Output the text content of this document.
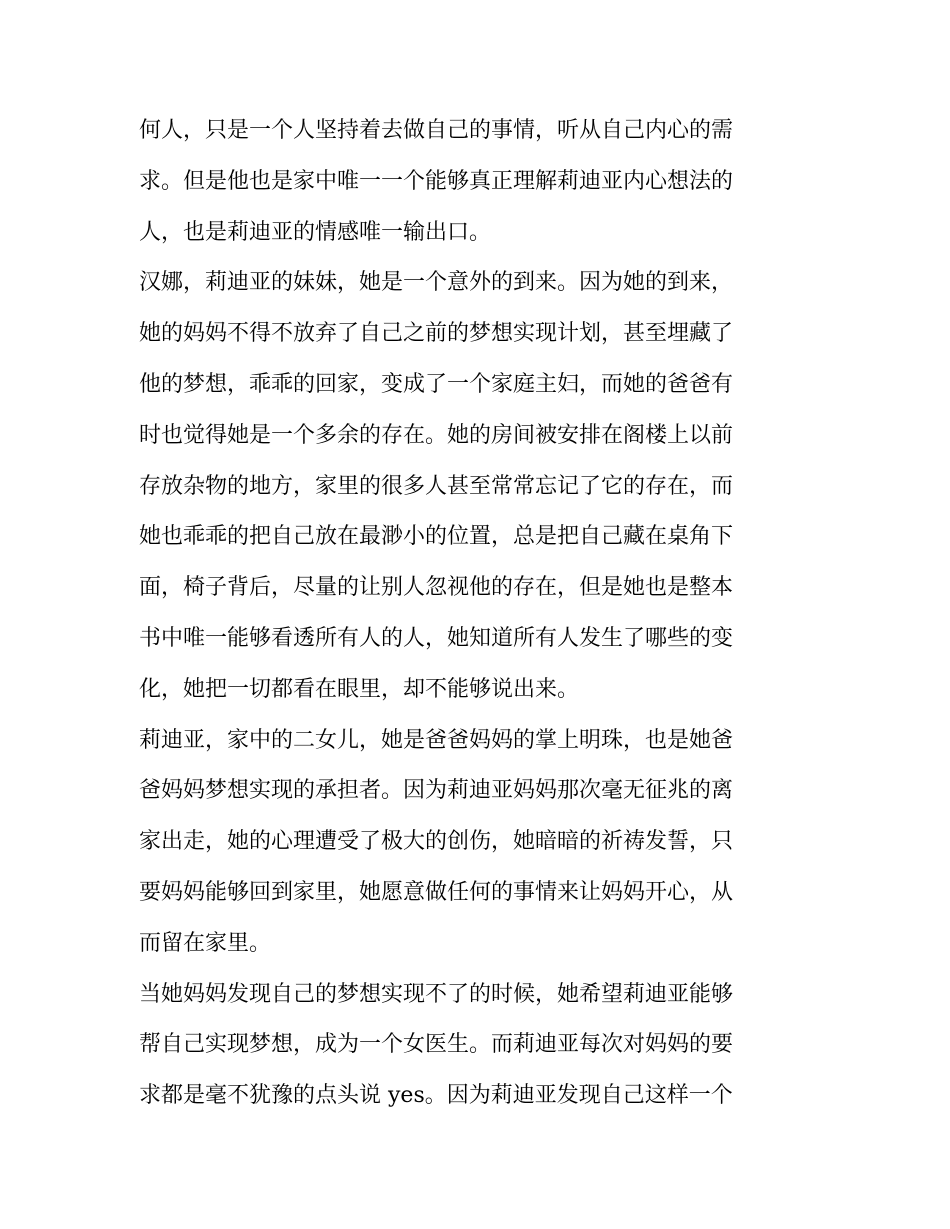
何人，只是一个人坚持着去做自己的事情，听从自己内心的需
求。但是他也是家中唯一一个能够真正理解莉迪亚内心想法的
人，也是莉迪亚的情感唯一输出口。
汉娜，莉迪亚的妹妹，她是一个意外的到来。因为她的到来，
她的妈妈不得不放弃了自己之前的梦想实现计划，甚至埋藏了
他的梦想，乖乖的回家，变成了一个家庭主妇，而她的爸爸有
时也觉得她是一个多余的存在。她的房间被安排在阁楼上以前
存放杂物的地方，家里的很多人甚至常常忘记了它的存在，而
她也乖乖的把自己放在最渺小的位置，总是把自己藏在桌角下
面，椅子背后，尽量的让别人忽视他的存在，但是她也是整本
书中唯一能够看透所有人的人，她知道所有人发生了哪些的变
化，她把一切都看在眼里，却不能够说出来。
莉迪亚，家中的二女儿，她是爸爸妈妈的掌上明珠，也是她爸
爸妈妈梦想实现的承担者。因为莉迪亚妈妈那次毫无征兆的离
家出走，她的心理遭受了极大的创伤，她暗暗的祈祷发誓，只
要妈妈能够回到家里，她愿意做任何的事情来让妈妈开心，从
而留在家里。
当她妈妈发现自己的梦想实现不了的时候，她希望莉迪亚能够
帮自己实现梦想，成为一个女医生。而莉迪亚每次对妈妈的要
求都是毫不犹豫的点头说 yes。因为莉迪亚发现自己这样一个
